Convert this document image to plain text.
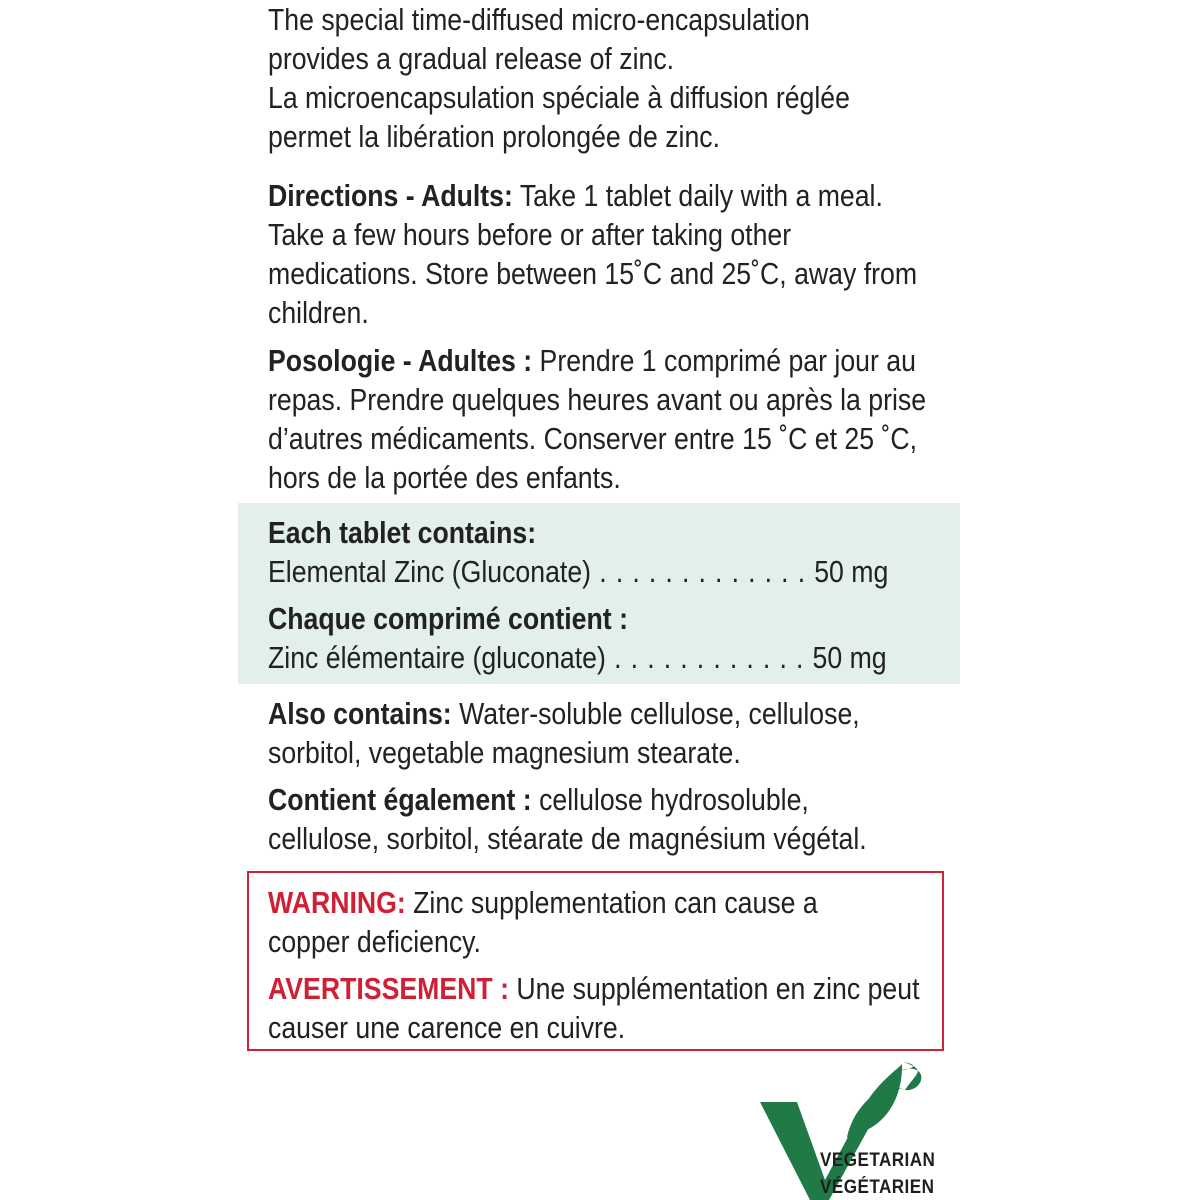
The special time-diffused micro-encapsulation provides a gradual release of zinc.

La microencapsulation spéciale à diffusion réglée permet la libération prolongée de zinc.

Directions - Adults: Take 1 tablet daily with a meal. Take a few hours before or after taking other medications. Store between 15˚C and 25˚C, away from children.

Posologie - Adultes : Prendre 1 comprimé par jour au repas. Prendre quelques heures avant ou après la prise d’autres médicaments. Conserver entre 15 ˚C et 25 ˚C, hors de la portée des enfants.

Each tablet contains:
Elemental Zinc (Gluconate) . . . . . . . . . . . . . 50 mg
Chaque comprimé contient :
Zinc élémentaire (gluconate) . . . . . . . . . . . . 50 mg

Also contains: Water-soluble cellulose, cellulose, sorbitol, vegetable magnesium stearate.

Contient également : cellulose hydrosoluble, cellulose, sorbitol, stéarate de magnésium végétal.

WARNING: Zinc supplementation can cause a copper deficiency.

AVERTISSEMENT : Une supplémentation en zinc peut causer une carence en cuivre.

VEGETARIAN
VÉGÉTARIEN
